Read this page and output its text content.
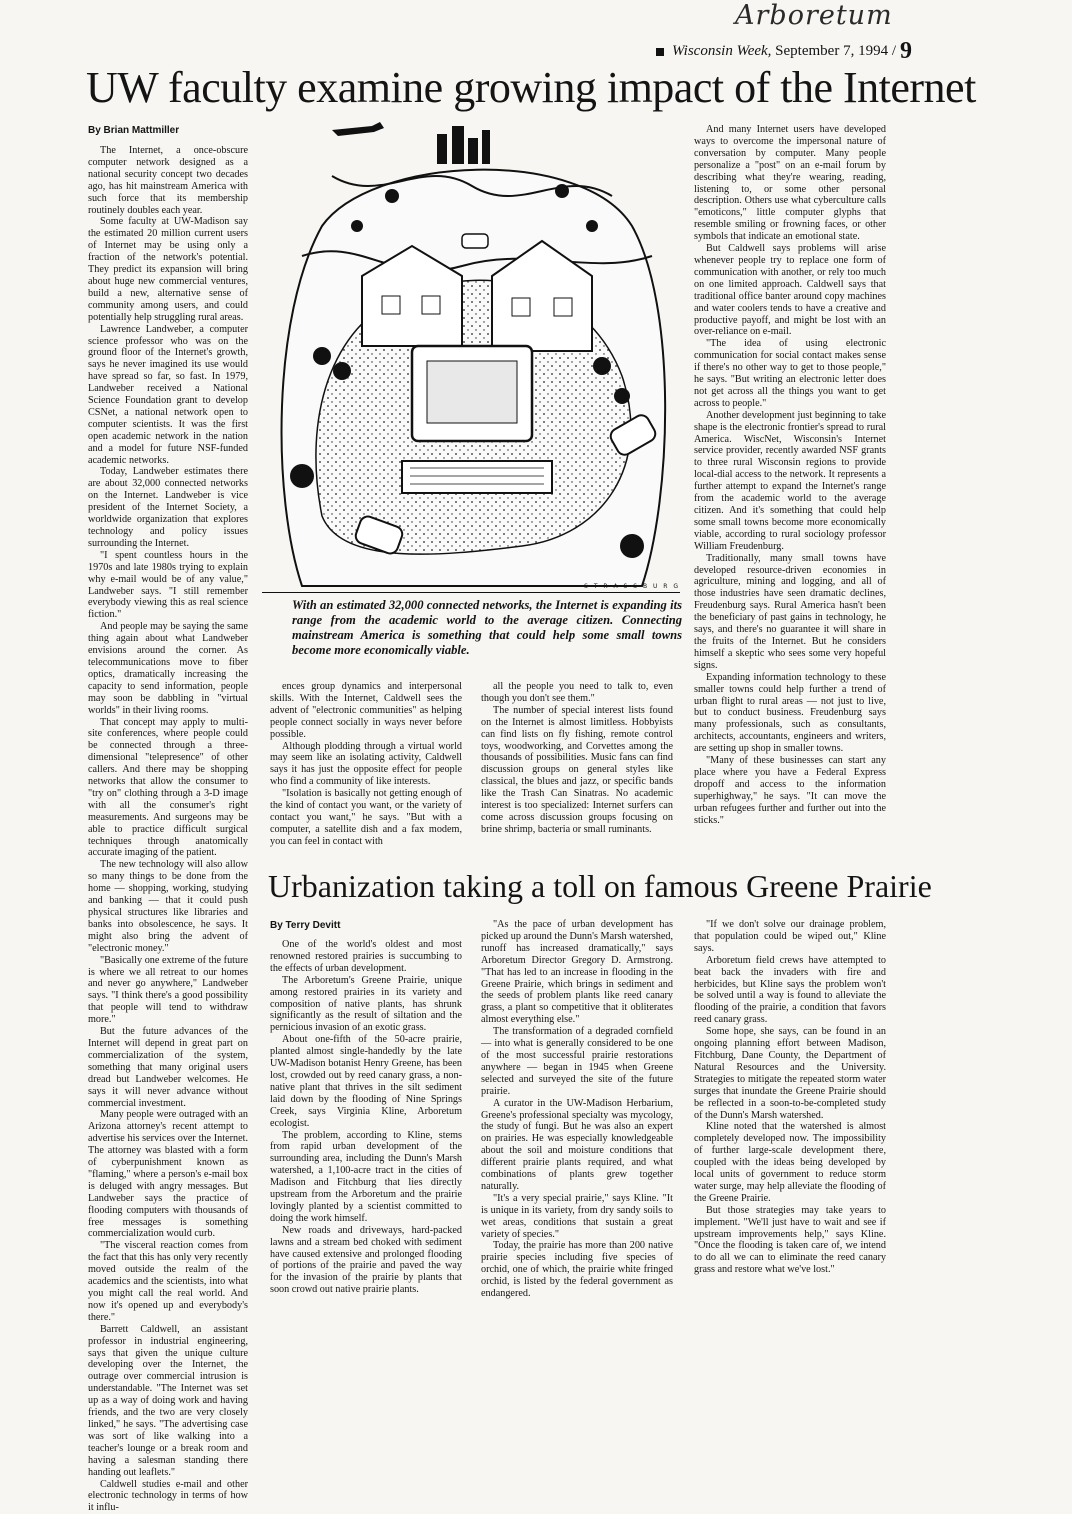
Arboretum
Wisconsin Week, September 7, 1994 / 9
UW faculty examine growing impact of the Internet
By Brian Mattmiller

The Internet, a once-obscure computer network designed as a national security concept two decades ago, has hit mainstream America with such force that its membership routinely doubles each year.

Some faculty at UW-Madison say the estimated 20 million current users of Internet may be using only a fraction of the network's potential. They predict its expansion will bring about huge new commercial ventures, build a new, alternative sense of community among users, and could potentially help struggling rural areas.

Lawrence Landweber, a computer science professor who was on the ground floor of the Internet's growth, says he never imagined its use would have spread so far, so fast. In 1979, Landweber received a National Science Foundation grant to develop CSNet, a national network open to computer scientists. It was the first open academic network in the nation and a model for future NSF-funded academic networks.

Today, Landweber estimates there are about 32,000 connected networks on the Internet. Landweber is vice president of the Internet Society, a worldwide organization that explores technology and policy issues surrounding the Internet.

"I spent countless hours in the 1970s and late 1980s trying to explain why e-mail would be of any value," Landweber says. "I still remember everybody viewing this as real science fiction."

And people may be saying the same thing again about what Landweber envisions around the corner. As telecommunications move to fiber optics, dramatically increasing the capacity to send information, people may soon be dabbling in "virtual worlds" in their living rooms.

That concept may apply to multi-site conferences, where people could be connected through a three-dimensional "telepresence" of other callers. And there may be shopping networks that allow the consumer to "try on" clothing through a 3-D image with all the consumer's right measurements. And surgeons may be able to practice difficult surgical techniques through anatomically accurate imaging of the patient.

The new technology will also allow so many things to be done from the home — shopping, working, studying and banking — that it could push physical structures like libraries and banks into obsolescence, he says. It might also bring the advent of "electronic money."

"Basically one extreme of the future is where we all retreat to our homes and never go anywhere," Landweber says. "I think there's a good possibility that people will tend to withdraw more."

But the future advances of the Internet will depend in great part on commercialization of the system, something that many original users dread but Landweber welcomes. He says it will never advance without commercial investment.

Many people were outraged with an Arizona attorney's recent attempt to advertise his services over the Internet. The attorney was blasted with a form of cyberpunishment known as "flaming," where a person's e-mail box is deluged with angry messages. But Landweber says the practice of flooding computers with thousands of free messages is something commercialization would curb.

"The visceral reaction comes from the fact that this has only very recently moved outside the realm of the academics and the scientists, into what you might call the real world. And now it's opened up and everybody's there."

Barrett Caldwell, an assistant professor in industrial engineering, says that given the unique culture developing over the Internet, the outrage over commercial intrusion is understandable. "The Internet was set up as a way of doing work and having friends, and the two are very closely linked," he says. "The advertising case was sort of like walking into a teacher's lounge or a break room and having a salesman standing there handing out leaflets."

Caldwell studies e-mail and other electronic technology in terms of how it influ-

S T R A S S B U R G

With an estimated 32,000 connected networks, the Internet is expanding its range from the academic world to the average citizen. Connecting mainstream America is something that could help some small towns become more economically viable.

ences group dynamics and interpersonal skills. With the Internet, Caldwell sees the advent of "electronic communities" as helping people connect socially in ways never before possible.

Although plodding through a virtual world may seem like an isolating activity, Caldwell says it has just the opposite effect for people who find a community of like interests.

"Isolation is basically not getting enough of the kind of contact you want, or the variety of contact you want," he says. "But with a computer, a satellite dish and a fax modem, you can feel in contact with

all the people you need to talk to, even though you don't see them."

The number of special interest lists found on the Internet is almost limitless. Hobbyists can find lists on fly fishing, remote control toys, woodworking, and Corvettes among the thousands of possibilities. Music fans can find discussion groups on general styles like classical, the blues and jazz, or specific bands like the Trash Can Sinatras. No academic interest is too specialized: Internet surfers can come across discussion groups focusing on brine shrimp, bacteria or small ruminants.

And many Internet users have developed ways to overcome the impersonal nature of conversation by computer. Many people personalize a "post" on an e-mail forum by describing what they're wearing, reading, listening to, or some other personal description. Others use what cyberculture calls "emoticons," little computer glyphs that resemble smiling or frowning faces, or other symbols that indicate an emotional state.

But Caldwell says problems will arise whenever people try to replace one form of communication with another, or rely too much on one limited approach. Caldwell says that traditional office banter around copy machines and water coolers tends to have a creative and productive payoff, and might be lost with an over-reliance on e-mail.

"The idea of using electronic communication for social contact makes sense if there's no other way to get to those people," he says. "But writing an electronic letter does not get across all the things you want to get across to people."

Another development just beginning to take shape is the electronic frontier's spread to rural America. WiscNet, Wisconsin's Internet service provider, recently awarded NSF grants to three rural Wisconsin regions to provide local-dial access to the network. It represents a further attempt to expand the Internet's range from the academic world to the average citizen. And it's something that could help some small towns become more economically viable, according to rural sociology professor William Freudenburg.

Traditionally, many small towns have developed resource-driven economies in agriculture, mining and logging, and all of those industries have seen dramatic declines, Freudenburg says. Rural America hasn't been the beneficiary of past gains in technology, he says, and there's no guarantee it will share in the fruits of the Internet. But he considers himself a skeptic who sees some very hopeful signs.

Expanding information technology to these smaller towns could help further a trend of urban flight to rural areas — not just to live, but to conduct business. Freudenburg says many professionals, such as consultants, architects, accountants, engineers and writers, are setting up shop in smaller towns.

"Many of these businesses can start any place where you have a Federal Express dropoff and access to the information superhighway," he says. "It can move the urban refugees further and further out into the sticks."

Urbanization taking a toll on famous Greene Prairie
By Terry Devitt

One of the world's oldest and most renowned restored prairies is succumbing to the effects of urban development.

The Arboretum's Greene Prairie, unique among restored prairies in its variety and composition of native plants, has shrunk significantly as the result of siltation and the pernicious invasion of an exotic grass.

About one-fifth of the 50-acre prairie, planted almost single-handedly by the late UW-Madison botanist Henry Greene, has been lost, crowded out by reed canary grass, a non-native plant that thrives in the silt sediment laid down by the flooding of Nine Springs Creek, says Virginia Kline, Arboretum ecologist.

The problem, according to Kline, stems from rapid urban development of the surrounding area, including the Dunn's Marsh watershed, a 1,100-acre tract in the cities of Madison and Fitchburg that lies directly upstream from the Arboretum and the prairie lovingly planted by a scientist committed to doing the work himself.

New roads and driveways, hard-packed lawns and a stream bed choked with sediment have caused extensive and prolonged flooding of portions of the prairie and paved the way for the invasion of the prairie by plants that soon crowd out native prairie plants.

"As the pace of urban development has picked up around the Dunn's Marsh watershed, runoff has increased dramatically," says Arboretum Director Gregory D. Armstrong. "That has led to an increase in flooding in the Greene Prairie, which brings in sediment and the seeds of problem plants like reed canary grass, a plant so competitive that it obliterates almost everything else."

The transformation of a degraded cornfield — into what is generally considered to be one of the most successful prairie restorations anywhere — began in 1945 when Greene selected and surveyed the site of the future prairie.

A curator in the UW-Madison Herbarium, Greene's professional specialty was mycology, the study of fungi. But he was also an expert on prairies. He was especially knowledgeable about the soil and moisture conditions that different prairie plants required, and what combinations of plants grew together naturally.

"It's a very special prairie," says Kline. "It is unique in its variety, from dry sandy soils to wet areas, conditions that sustain a great variety of species."

Today, the prairie has more than 200 native prairie species including five species of orchid, one of which, the prairie white fringed orchid, is listed by the federal government as endangered.

"If we don't solve our drainage problem, that population could be wiped out," Kline says.

Arboretum field crews have attempted to beat back the invaders with fire and herbicides, but Kline says the problem won't be solved until a way is found to alleviate the flooding of the prairie, a condition that favors reed canary grass.

Some hope, she says, can be found in an ongoing planning effort between Madison, Fitchburg, Dane County, the Department of Natural Resources and the University. Strategies to mitigate the repeated storm water surges that inundate the Greene Prairie should be reflected in a soon-to-be-completed study of the Dunn's Marsh watershed.

Kline noted that the watershed is almost completely developed now. The impossibility of further large-scale development there, coupled with the ideas being developed by local units of government to reduce storm water surge, may help alleviate the flooding of the Greene Prairie.

But those strategies may take years to implement. "We'll just have to wait and see if upstream improvements help," says Kline. "Once the flooding is taken care of, we intend to do all we can to eliminate the reed canary grass and restore what we've lost."
